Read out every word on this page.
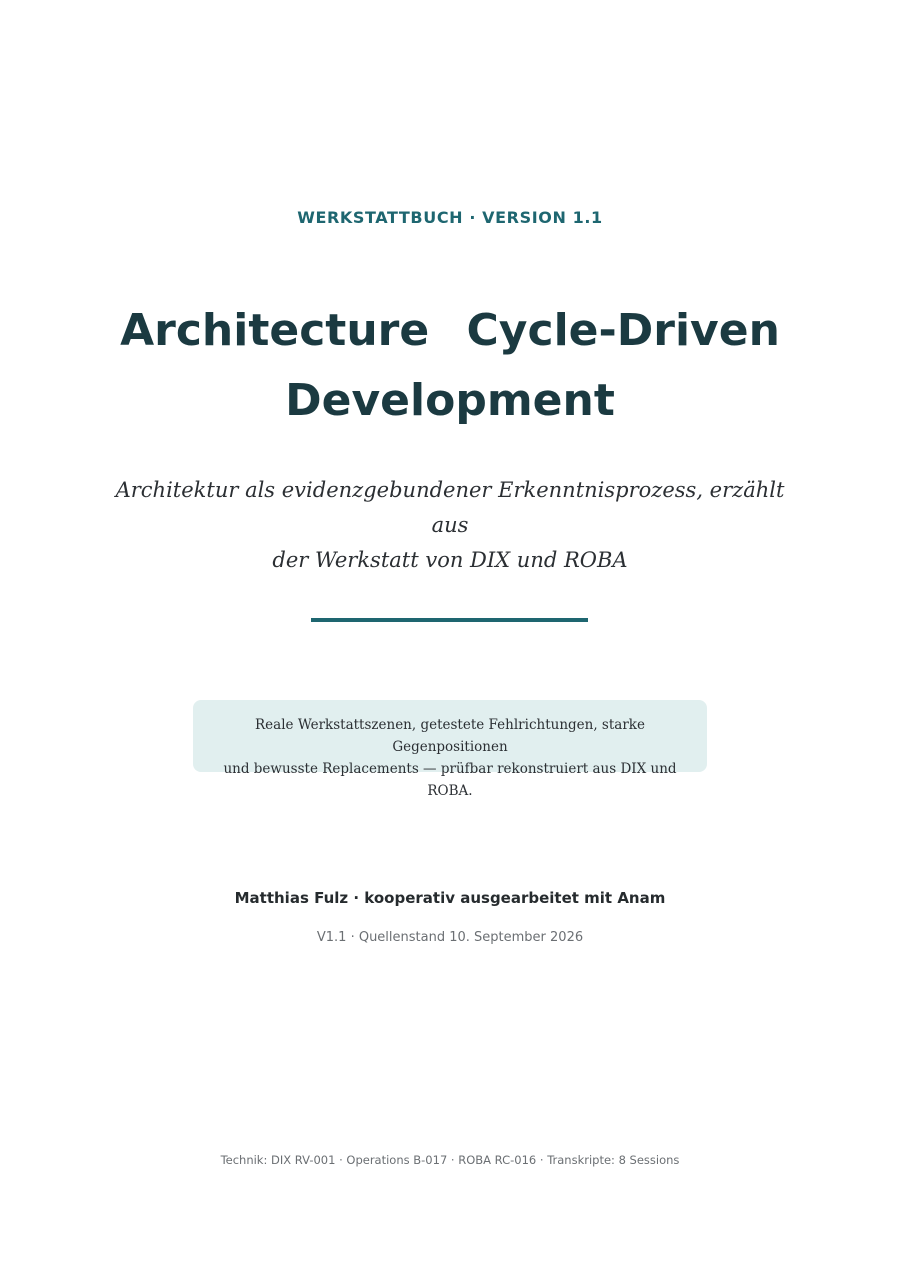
WERKSTATTBUCH · VERSION 1.1
Architecture Cycle-Driven
Development

Architektur als evidenzgebundener Erkenntnisprozess, erzählt aus
der Werkstatt von DIX und ROBA

Reale Werkstattszenen, getestete Fehlrichtungen, starke Gegenpositionen
und bewusste Replacements — prüfbar rekonstruiert aus DIX und ROBA.
Matthias Fulz · kooperativ ausgearbeitet mit Anam
V1.1 · Quellenstand 10. September 2026
Technik: DIX RV-001 · Operations B-017 · ROBA RC-016 · Transkripte: 8 Sessions
